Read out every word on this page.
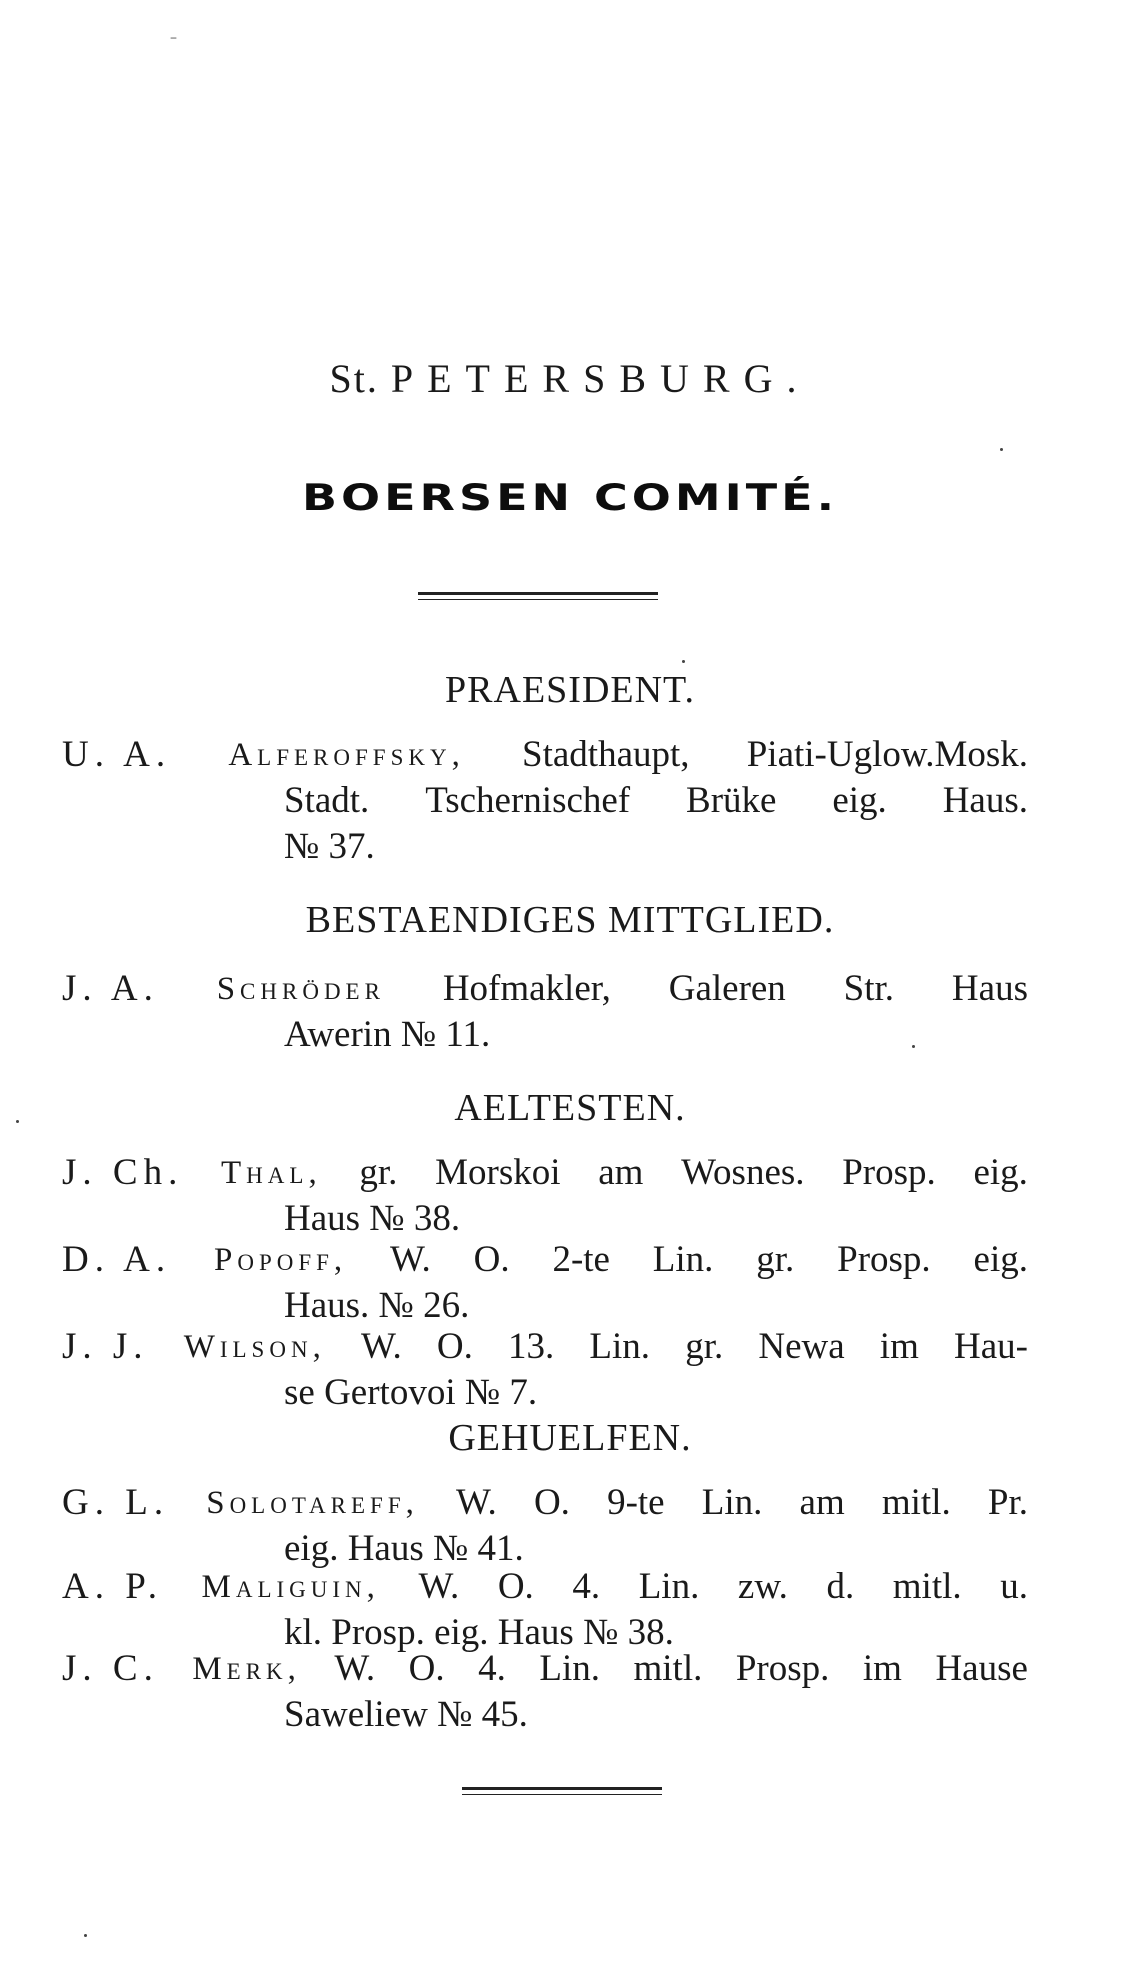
–
St. PETERSBURG.
BOERSEN COMITÉ.
PRAESIDENT.
U. A. Alferoffsky, Stadthaupt, Piati-Uglow.Mosk.
Stadt. Tschernischef Brüke eig. Haus.
№ 37.
BESTAENDIGES MITTGLIED.
J. A. Schröder Hofmakler, Galeren Str. Haus
Awerin № 11.
AELTESTEN.
J. Ch. Thal, gr. Morskoi am Wosnes. Prosp. eig.
Haus № 38.
D. A. Popoff, W. O. 2-te Lin. gr. Prosp. eig.
Haus. № 26.
J. J. Wilson, W. O. 13. Lin. gr. Newa im Hau-
se Gertovoi № 7.
GEHUELFEN.
G. L. Solotareff, W. O. 9-te Lin. am mitl. Pr.
eig. Haus № 41.
A. P. Maliguin, W. O. 4. Lin. zw. d. mitl. u.
kl. Prosp. eig. Haus № 38.
J. C. Merk, W. O. 4. Lin. mitl. Prosp. im Hause
Saweliew № 45.
